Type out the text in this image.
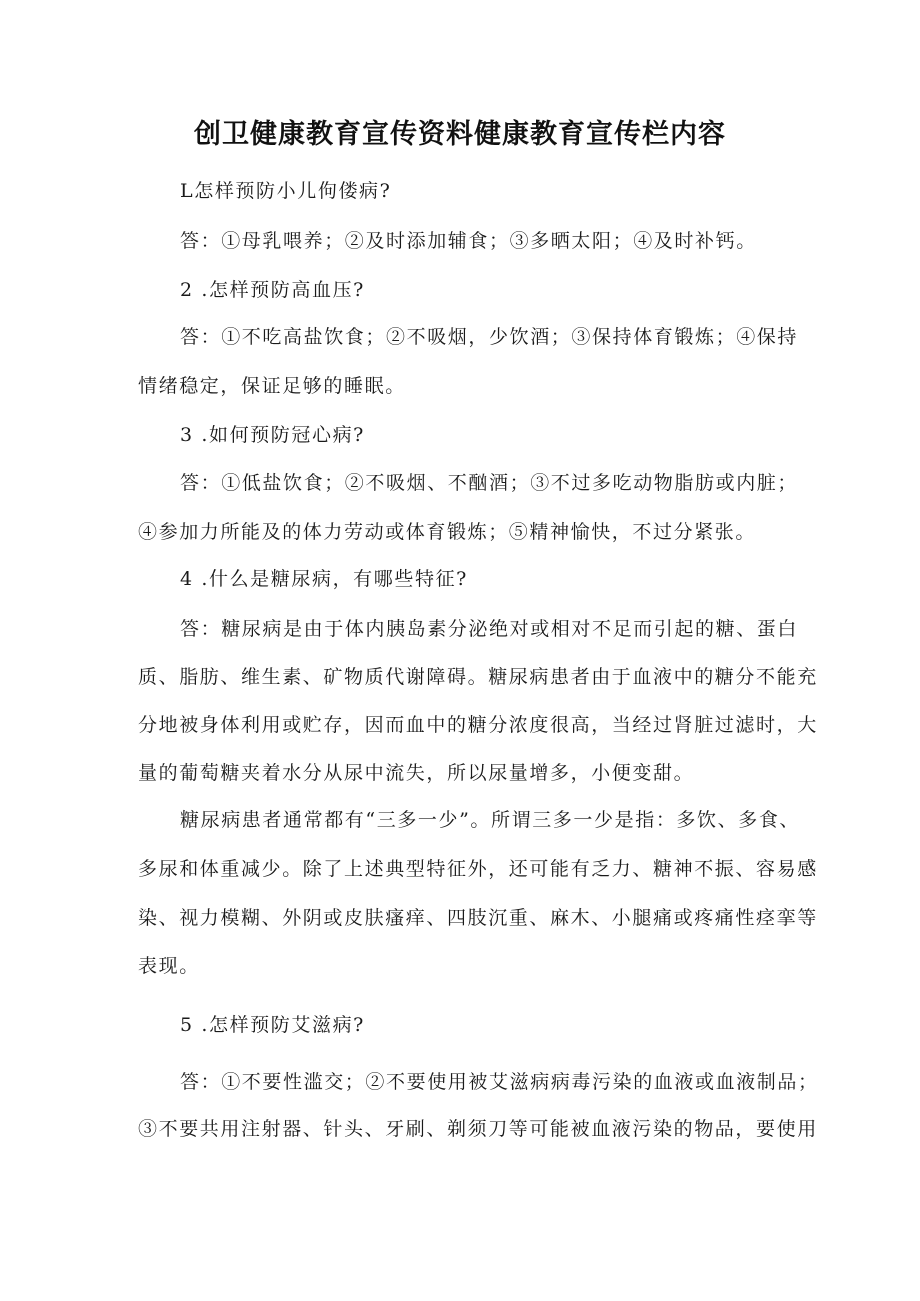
创卫健康教育宣传资料健康教育宣传栏内容
L怎样预防小儿佝偻病?
答：①母乳喂养；②及时添加辅食；③多晒太阳；④及时补钙。
2 .怎样预防高血压?
答：①不吃高盐饮食；②不吸烟，少饮酒；③保持体育锻炼；④保持
情绪稳定，保证足够的睡眠。
3 .如何预防冠心病?
答：①低盐饮食；②不吸烟、不酗酒；③不过多吃动物脂肪或内脏；
④参加力所能及的体力劳动或体育锻炼；⑤精神愉快，不过分紧张。
4 .什么是糖尿病，有哪些特征?
答：糖尿病是由于体内胰岛素分泌绝对或相对不足而引起的糖、蛋白
质、脂肪、维生素、矿物质代谢障碍。糖尿病患者由于血液中的糖分不能充
分地被身体利用或贮存，因而血中的糖分浓度很高，当经过肾脏过滤时，大
量的葡萄糖夹着水分从尿中流失，所以尿量增多，小便变甜。
糖尿病患者通常都有“三多一少”。所谓三多一少是指：多饮、多食、
多尿和体重减少。除了上述典型特征外，还可能有乏力、糖神不振、容易感
染、视力模糊、外阴或皮肤瘙痒、四肢沉重、麻木、小腿痛或疼痛性痉挛等
表现。
5 .怎样预防艾滋病?
答：①不要性滥交；②不要使用被艾滋病病毒污染的血液或血液制品；
③不要共用注射器、针头、牙刷、剃须刀等可能被血液污染的物品，要使用
